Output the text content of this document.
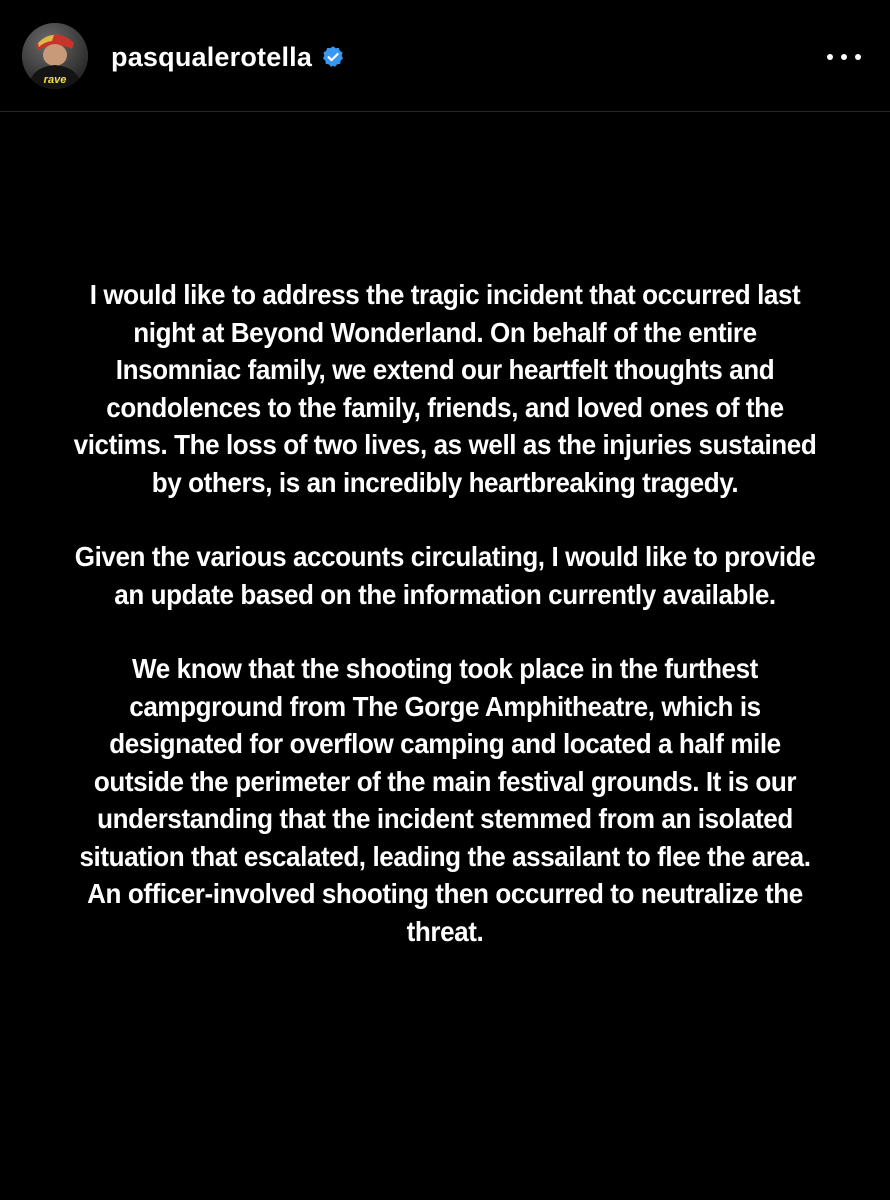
rave
pasqualerotella

I would like to address the tragic incident that occurred last night at Beyond Wonderland. On behalf of the entire Insomniac family, we extend our heartfelt thoughts and condolences to the family, friends, and loved ones of the victims. The loss of two lives, as well as the injuries sustained by others, is an incredibly heartbreaking tragedy.

Given the various accounts circulating, I would like to provide an update based on the information currently available.

We know that the shooting took place in the furthest campground from The Gorge Amphitheatre, which is designated for overflow camping and located a half mile outside the perimeter of the main festival grounds. It is our understanding that the incident stemmed from an isolated situation that escalated, leading the assailant to flee the area. An officer-involved shooting then occurred to neutralize the threat.
